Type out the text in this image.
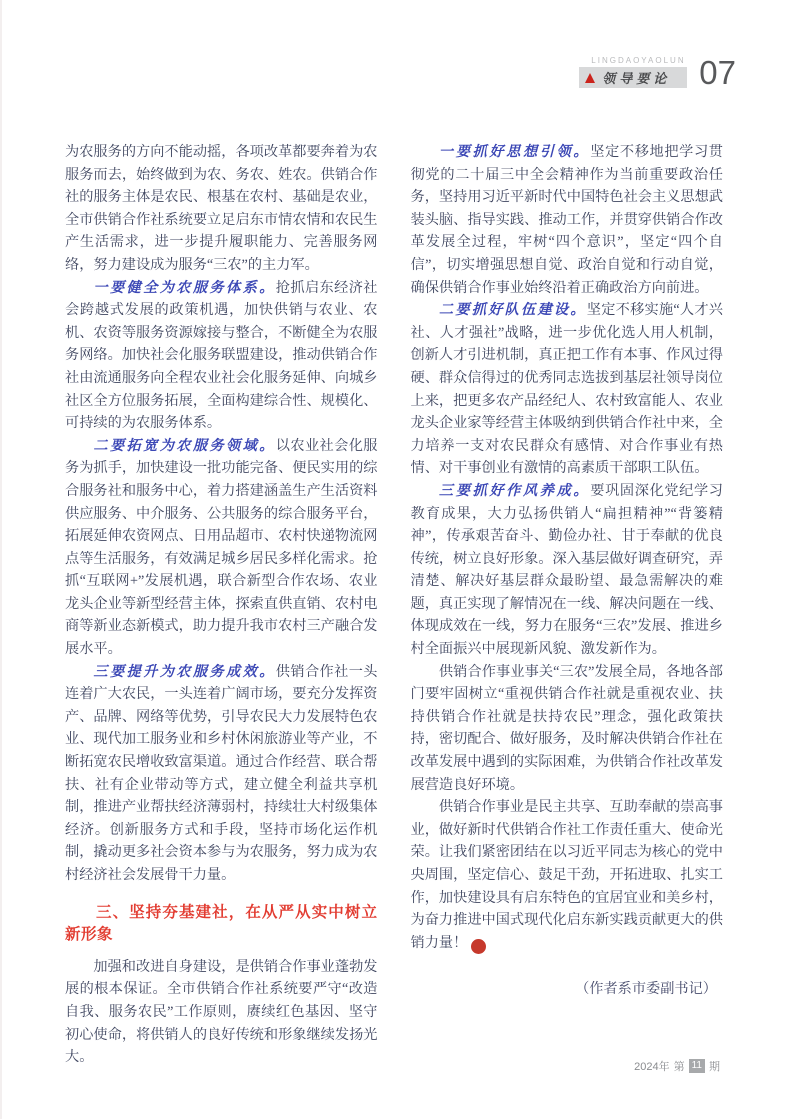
LINGDAOYAOLUN
领导要论 07

为农服务的方向不能动摇，各项改革都要奔着为农服务而去，始终做到为农、务农、姓农。供销合作社的服务主体是农民、根基在农村、基础是农业，全市供销合作社系统要立足启东市情农情和农民生产生活需求，进一步提升履职能力、完善服务网络，努力建设成为服务“三农”的主力军。

一要健全为农服务体系。抢抓启东经济社会跨越式发展的政策机遇，加快供销与农业、农机、农资等服务资源嫁接与整合，不断健全为农服务网络。加快社会化服务联盟建设，推动供销合作社由流通服务向全程农业社会化服务延伸、向城乡社区全方位服务拓展，全面构建综合性、规模化、可持续的为农服务体系。

二要拓宽为农服务领域。以农业社会化服务为抓手，加快建设一批功能完备、便民实用的综合服务社和服务中心，着力搭建涵盖生产生活资料供应服务、中介服务、公共服务的综合服务平台，拓展延伸农资网点、日用品超市、农村快递物流网点等生活服务，有效满足城乡居民多样化需求。抢抓“互联网+”发展机遇，联合新型合作农场、农业龙头企业等新型经营主体，探索直供直销、农村电商等新业态新模式，助力提升我市农村三产融合发展水平。

三要提升为农服务成效。供销合作社一头连着广大农民，一头连着广阔市场，要充分发挥资产、品牌、网络等优势，引导农民大力发展特色农业、现代加工服务业和乡村休闲旅游业等产业，不断拓宽农民增收致富渠道。通过合作经营、联合帮扶、社有企业带动等方式，建立健全利益共享机制，推进产业帮扶经济薄弱村，持续壮大村级集体经济。创新服务方式和手段，坚持市场化运作机制，撬动更多社会资本参与为农服务，努力成为农村经济社会发展骨干力量。

三、坚持夯基建社，在从严从实中树立新形象

加强和改进自身建设，是供销合作事业蓬勃发展的根本保证。全市供销合作社系统要严守“改造自我、服务农民”工作原则，赓续红色基因、坚守初心使命，将供销人的良好传统和形象继续发扬光大。

一要抓好思想引领。坚定不移地把学习贯彻党的二十届三中全会精神作为当前重要政治任务，坚持用习近平新时代中国特色社会主义思想武装头脑、指导实践、推动工作，并贯穿供销合作改革发展全过程，牢树“四个意识”，坚定“四个自信”，切实增强思想自觉、政治自觉和行动自觉，确保供销合作事业始终沿着正确政治方向前进。

二要抓好队伍建设。坚定不移实施“人才兴社、人才强社”战略，进一步优化选人用人机制，创新人才引进机制，真正把工作有本事、作风过得硬、群众信得过的优秀同志选拔到基层社领导岗位上来，把更多农产品经纪人、农村致富能人、农业龙头企业家等经营主体吸纳到供销合作社中来，全力培养一支对农民群众有感情、对合作事业有热情、对干事创业有激情的高素质干部职工队伍。

三要抓好作风养成。要巩固深化党纪学习教育成果，大力弘扬供销人“扁担精神”“背篓精神”，传承艰苦奋斗、勤俭办社、甘于奉献的优良传统，树立良好形象。深入基层做好调查研究，弄清楚、解决好基层群众最盼望、最急需解决的难题，真正实现了解情况在一线、解决问题在一线、体现成效在一线，努力在服务“三农”发展、推进乡村全面振兴中展现新风貌、激发新作为。

供销合作事业事关“三农”发展全局，各地各部门要牢固树立“重视供销合作社就是重视农业、扶持供销合作社就是扶持农民”理念，强化政策扶持，密切配合、做好服务，及时解决供销合作社在改革发展中遇到的实际困难，为供销合作社改革发展营造良好环境。

供销合作事业是民主共享、互助奉献的崇高事业，做好新时代供销合作社工作责任重大、使命光荣。让我们紧密团结在以习近平同志为核心的党中央周围，坚定信心、鼓足干劲，开拓进取、扎实工作，加快建设具有启东特色的宜居宜业和美乡村，为奋力推进中国式现代化启东新实践贡献更大的供销力量！	完

（作者系市委副书记）

2024年 第 11 期
